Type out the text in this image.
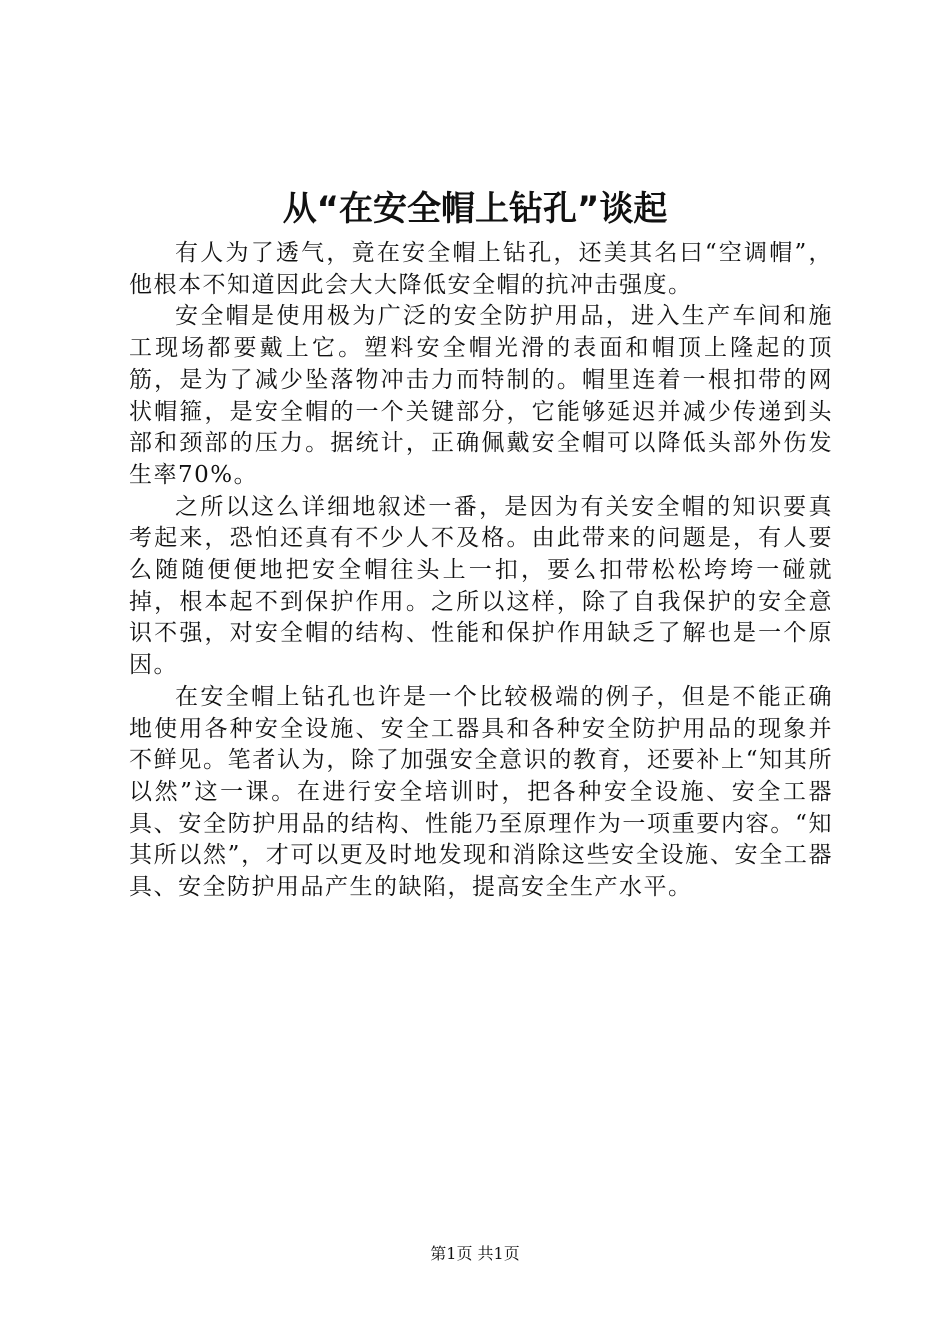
从“在安全帽上钻孔”谈起

有人为了透气，竟在安全帽上钻孔，还美其名曰“空调帽”，他根本不知道因此会大大降低安全帽的抗冲击强度。

安全帽是使用极为广泛的安全防护用品，进入生产车间和施工现场都要戴上它。塑料安全帽光滑的表面和帽顶上隆起的顶筋，是为了减少坠落物冲击力而特制的。帽里连着一根扣带的网状帽箍，是安全帽的一个关键部分，它能够延迟并减少传递到头部和颈部的压力。据统计，正确佩戴安全帽可以降低头部外伤发生率70%。

之所以这么详细地叙述一番，是因为有关安全帽的知识要真考起来，恐怕还真有不少人不及格。由此带来的问题是，有人要么随随便便地把安全帽往头上一扣，要么扣带松松垮垮一碰就掉，根本起不到保护作用。之所以这样，除了自我保护的安全意识不强，对安全帽的结构、性能和保护作用缺乏了解也是一个原因。

在安全帽上钻孔也许是一个比较极端的例子，但是不能正确地使用各种安全设施、安全工器具和各种安全防护用品的现象并不鲜见。笔者认为，除了加强安全意识的教育，还要补上“知其所以然”这一课。在进行安全培训时，把各种安全设施、安全工器具、安全防护用品的结构、性能乃至原理作为一项重要内容。“知其所以然”，才可以更及时地发现和消除这些安全设施、安全工器具、安全防护用品产生的缺陷，提高安全生产水平。

第1页 共1页
